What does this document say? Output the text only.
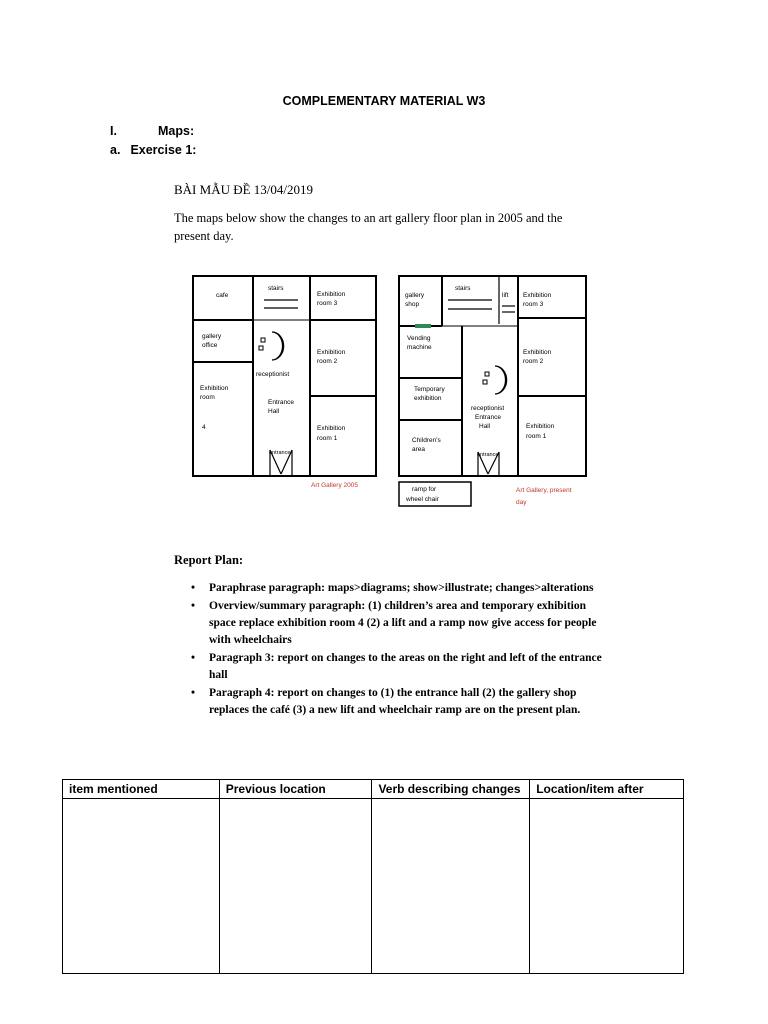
COMPLEMENTARY MATERIAL W3
I.	Maps:
a. Exercise 1:
BÀI MẪU ĐỀ 13/04/2019
The maps below show the changes to an art gallery floor plan in 2005 and the present day.
cafe
stairs
Exhibition
room 3
gallery
office
Exhibition
room 2
receptionist
Exhibition
room
4
Entrance
Hall
Exhibition
room 1
entrance
Art Gallery 2005
gallery
shop
stairs
lift Exhibition
room 3
Vending
machine
Exhibition
room 2
Temporary
exhibition
receptionist
Entrance
Hall	Exhibition
room 1
Children's
area
entrance
ramp for
wheel chair
Art Gallery, present
day
Report Plan:
• Paraphrase paragraph: maps>diagrams; show>illustrate; changes>alterations
• Overview/summary paragraph: (1) children’s area and temporary exhibition space replace exhibition room 4 (2) a lift and a ramp now give access for people with wheelchairs
• Paragraph 3: report on changes to the areas on the right and left of the entrance hall
• Paragraph 4: report on changes to (1) the entrance hall (2) the gallery shop replaces the café (3) a new lift and wheelchair ramp are on the present plan.
item mentioned	Previous location	Verb describing changes	Location/item after
